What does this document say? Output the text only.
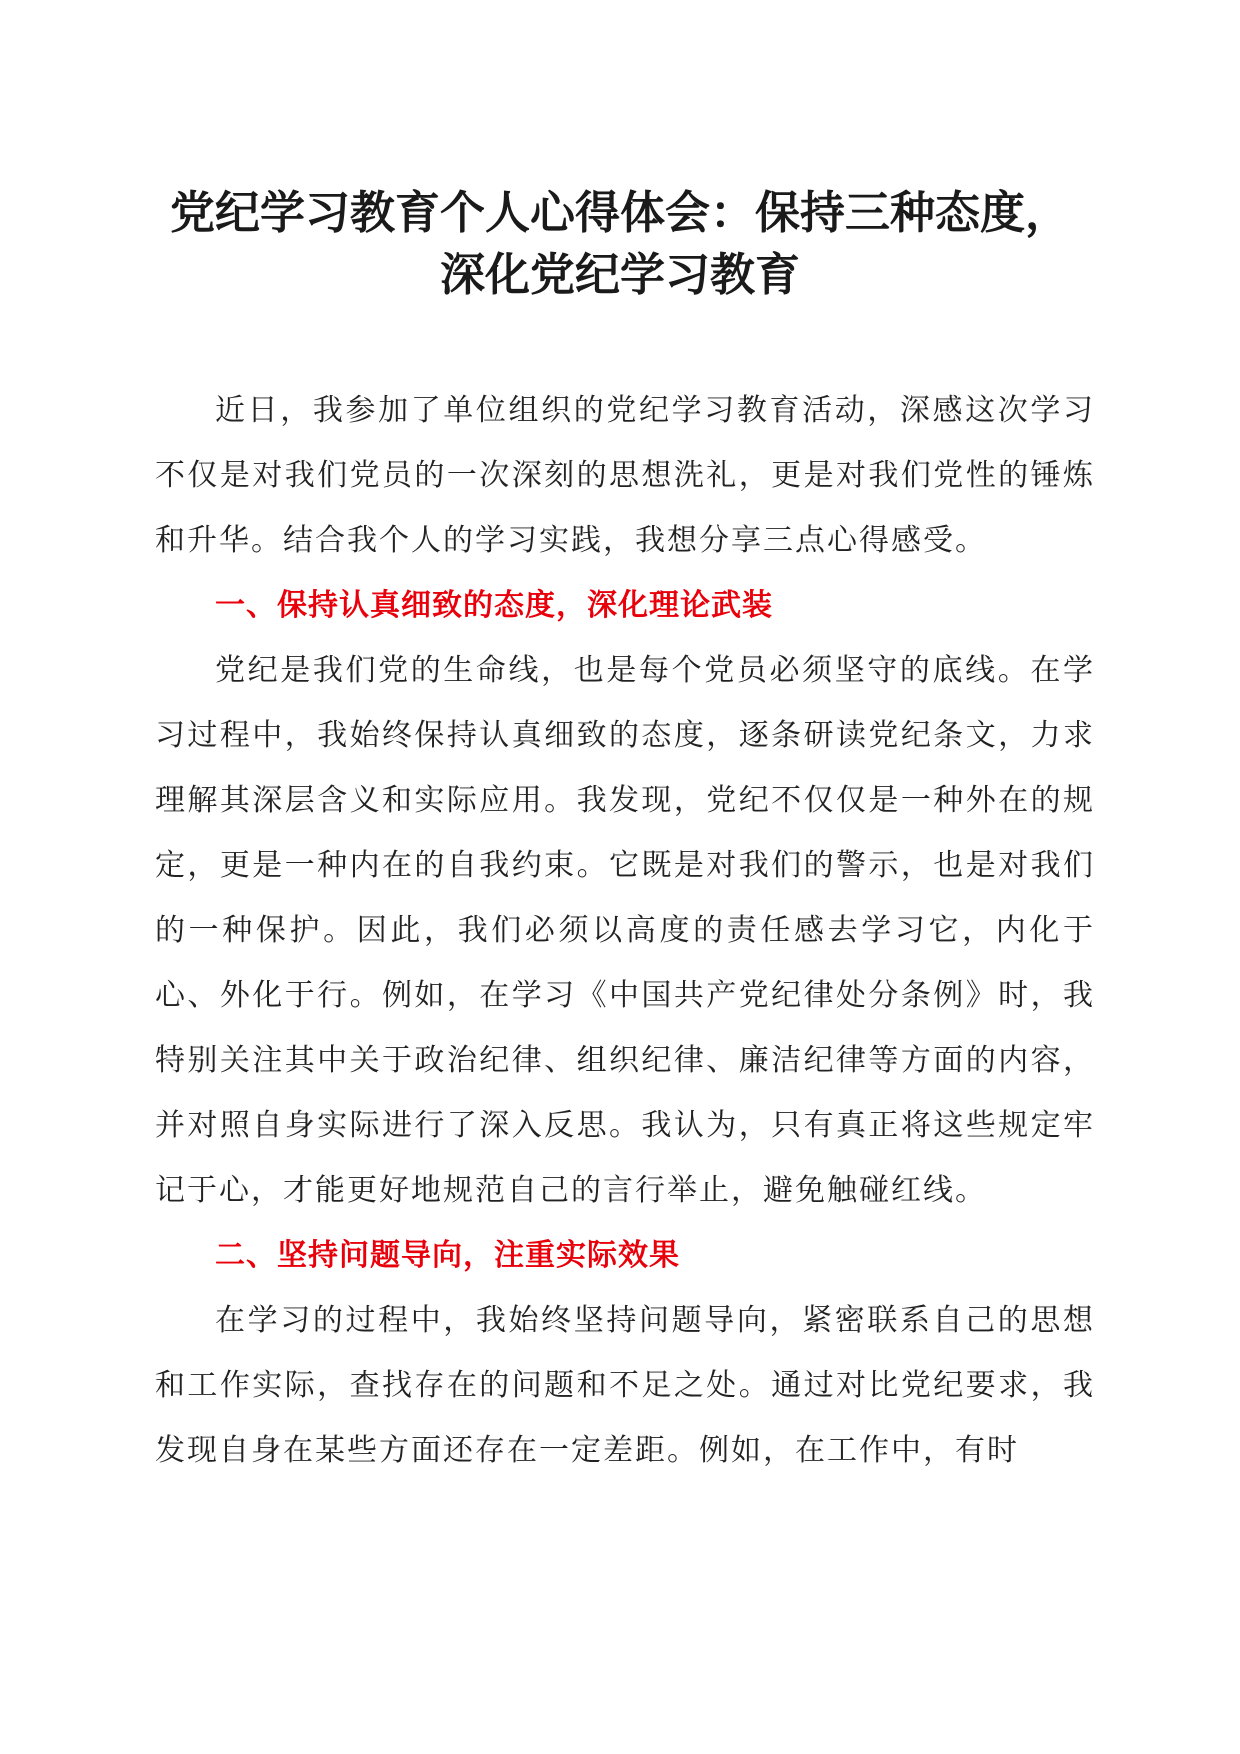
党纪学习教育个人心得体会：保持三种态度，
深化党纪学习教育

近日，我参加了单位组织的党纪学习教育活动，深感这次学习不仅是对我们党员的一次深刻的思想洗礼，更是对我们党性的锤炼和升华。结合我个人的学习实践，我想分享三点心得感受。

一、保持认真细致的态度，深化理论武装

党纪是我们党的生命线，也是每个党员必须坚守的底线。在学习过程中，我始终保持认真细致的态度，逐条研读党纪条文，力求理解其深层含义和实际应用。我发现，党纪不仅仅是一种外在的规定，更是一种内在的自我约束。它既是对我们的警示，也是对我们的一种保护。因此，我们必须以高度的责任感去学习它，内化于心、外化于行。例如，在学习《中国共产党纪律处分条例》时，我特别关注其中关于政治纪律、组织纪律、廉洁纪律等方面的内容，并对照自身实际进行了深入反思。我认为，只有真正将这些规定牢记于心，才能更好地规范自己的言行举止，避免触碰红线。

二、坚持问题导向，注重实际效果

在学习的过程中，我始终坚持问题导向，紧密联系自己的思想和工作实际，查找存在的问题和不足之处。通过对比党纪要求，我发现自身在某些方面还存在一定差距。例如，在工作中，有时
